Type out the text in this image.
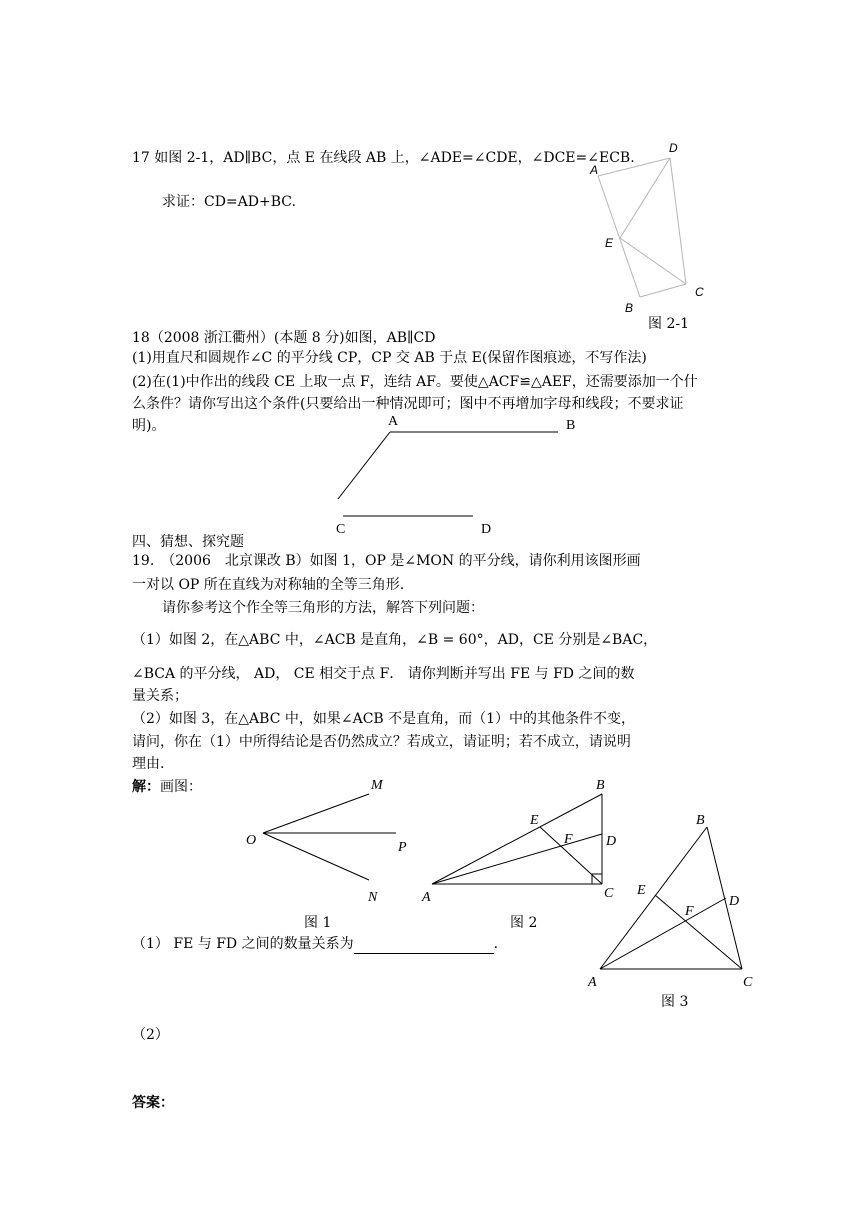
17 如图 2-1，AD∥BC，点 E 在线段 AB 上，∠ADE=∠CDE，∠DCE=∠ECB.
求证：CD=AD+BC.
D
A
E
B
C
图 2-1
18（2008 浙江衢州）(本题 8 分)如图，AB∥CD
(1)用直尺和圆规作∠C 的平分线 CP，CP 交 AB 于点 E(保留作图痕迹，不写作法)
(2)在(1)中作出的线段 CE 上取一点 F，连结 AF。要使△ACF≌△AEF，还需要添加一个什
么条件？请你写出这个条件(只要给出一种情况即可；图中不再增加字母和线段；不要求证
明)。	A	B
C	D
四、猜想、探究题
19.　（2006　北京课改 B）如图 1，OP 是∠MON 的平分线，请你利用该图形画
一对以 OP 所在直线为对称轴的全等三角形.
请你参考这个作全等三角形的方法，解答下列问题：
（1）如图 2，在△ABC 中，∠ACB 是直角，∠B = 60°，AD，CE 分别是∠BAC，
∠BCA 的平分线， AD， CE 相交于点 F． 请你判断并写出 FE 与 FD 之间的数
量关系；
（2）如图 3，在△ABC 中，如果∠ACB 不是直角，而（1）中的其他条件不变，
请问，你在（1）中所得结论是否仍然成立？若成立，请证明；若不成立，请说明
理由.
解：画图：	M
O	P
N
图 1
B
E
F D
A	C
图 2
B
E
F
D
A	C
图 3
（1） FE 与 FD 之间的数量关系为	.
（2）
答案：
